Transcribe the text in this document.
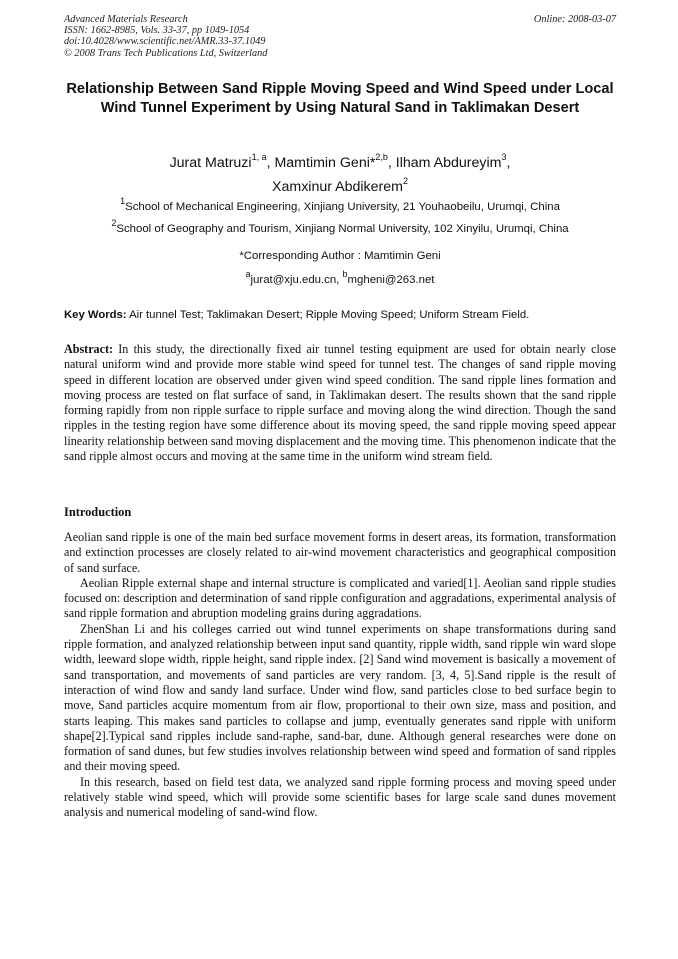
Advanced Materials Research
ISSN: 1662-8985, Vols. 33-37, pp 1049-1054
doi:10.4028/www.scientific.net/AMR.33-37.1049
© 2008 Trans Tech Publications Ltd, Switzerland
Online: 2008-03-07
Relationship Between Sand Ripple Moving Speed and Wind Speed under Local Wind Tunnel Experiment by Using Natural Sand in Taklimakan Desert
Jurat Matruzi$^{1, a}$, Mamtimin Geni*$^{2,b}$, Ilham Abdureyim$^3$,
Xamxinur Abdikerem$^2$
$^1$School of Mechanical Engineering, Xinjiang University, 21 Youhaobeilu, Urumqi, China
$^2$School of Geography and Tourism, Xinjiang Normal University, 102 Xinyilu, Urumqi, China
*Corresponding Author : Mamtimin Geni
$^a$jurat@xju.edu.cn, $^b$mgheni@263.net
Key Words: Air tunnel Test; Taklimakan Desert; Ripple Moving Speed; Uniform Stream Field.

Abstract: In this study, the directionally fixed air tunnel testing equipment are used for obtain nearly close natural uniform wind and provide more stable wind speed for tunnel test. The changes of sand ripple moving speed in different location are observed under given wind speed condition. The sand ripple lines formation and moving process are tested on flat surface of sand, in Taklimakan desert. The results shown that the sand ripple forming rapidly from non ripple surface to ripple surface and moving along the wind direction. Though the sand ripples in the testing region have some difference about its moving speed, the sand ripple moving speed appear linearity relationship between sand moving displacement and the moving time. This phenomenon indicate that the sand ripple almost occurs and moving at the same time in the uniform wind stream field.

Introduction

Aeolian sand ripple is one of the main bed surface movement forms in desert areas, its formation, transformation and extinction processes are closely related to air-wind movement characteristics and geographical composition of sand surface.

Aeolian Ripple external shape and internal structure is complicated and varied[1]. Aeolian sand ripple studies focused on: description and determination of sand ripple configuration and aggradations, experimental analysis of sand ripple formation and abruption modeling grains during aggradations.

ZhenShan Li and his colleges carried out wind tunnel experiments on shape transformations during sand ripple formation, and analyzed relationship between input sand quantity, ripple width, sand ripple win ward slope width, leeward slope width, ripple height, sand ripple index. [2] Sand wind movement is basically a movement of sand transportation, and movements of sand particles are very random. [3, 4, 5].Sand ripple is the result of interaction of wind flow and sandy land surface. Under wind flow, sand particles close to bed surface begin to move, Sand particles acquire momentum from air flow, proportional to their own size, mass and position, and starts leaping. This makes sand particles to collapse and jump, eventually generates sand ripple with uniform shape[2].Typical sand ripples include sand-raphe, sand-bar, dune. Although general researches were done on formation of sand dunes, but few studies involves relationship between wind speed and formation of sand ripples and their moving speed.

In this research, based on field test data, we analyzed sand ripple forming process and moving speed under relatively stable wind speed, which will provide some scientific bases for large scale sand dunes movement analysis and numerical modeling of sand-wind flow.
